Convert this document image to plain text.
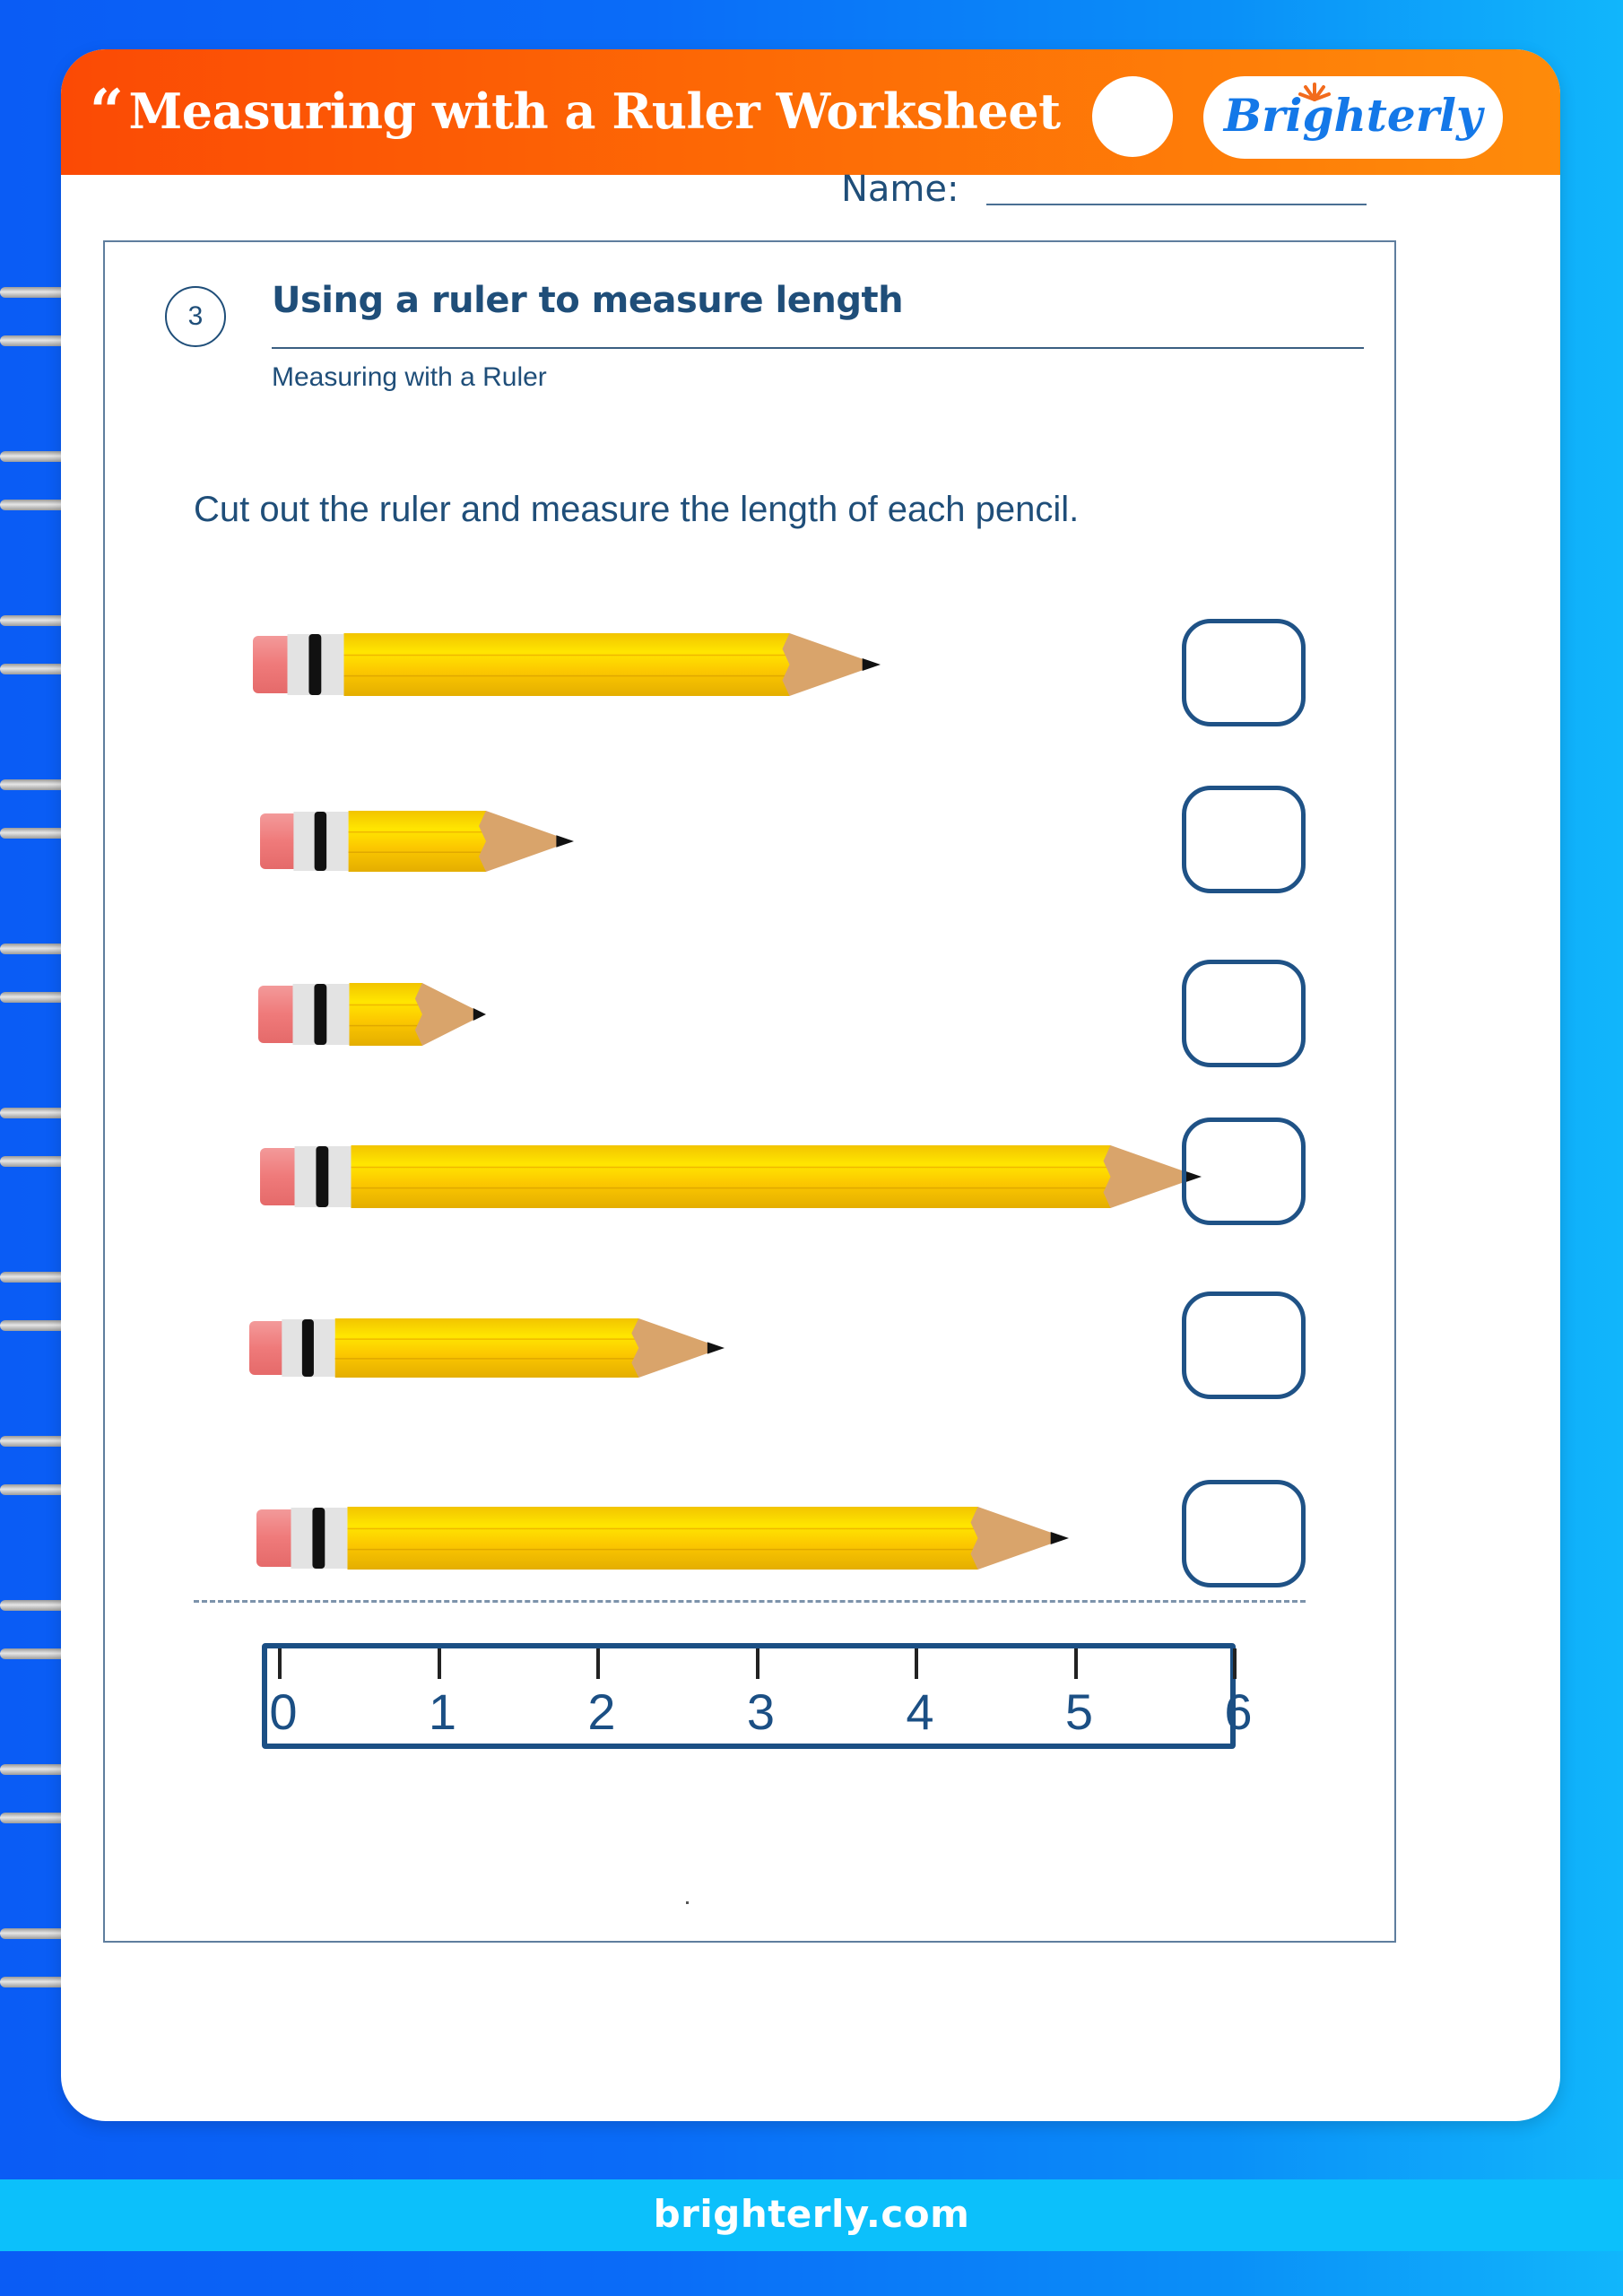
brighterly.com
“ Measuring with a Ruler Worksheet	Brighterly
Name:
3	Using a ruler to measure length
Measuring with a Ruler
Cut out the ruler and measure the length of each pencil.
0	1	2	3	4	5	6
